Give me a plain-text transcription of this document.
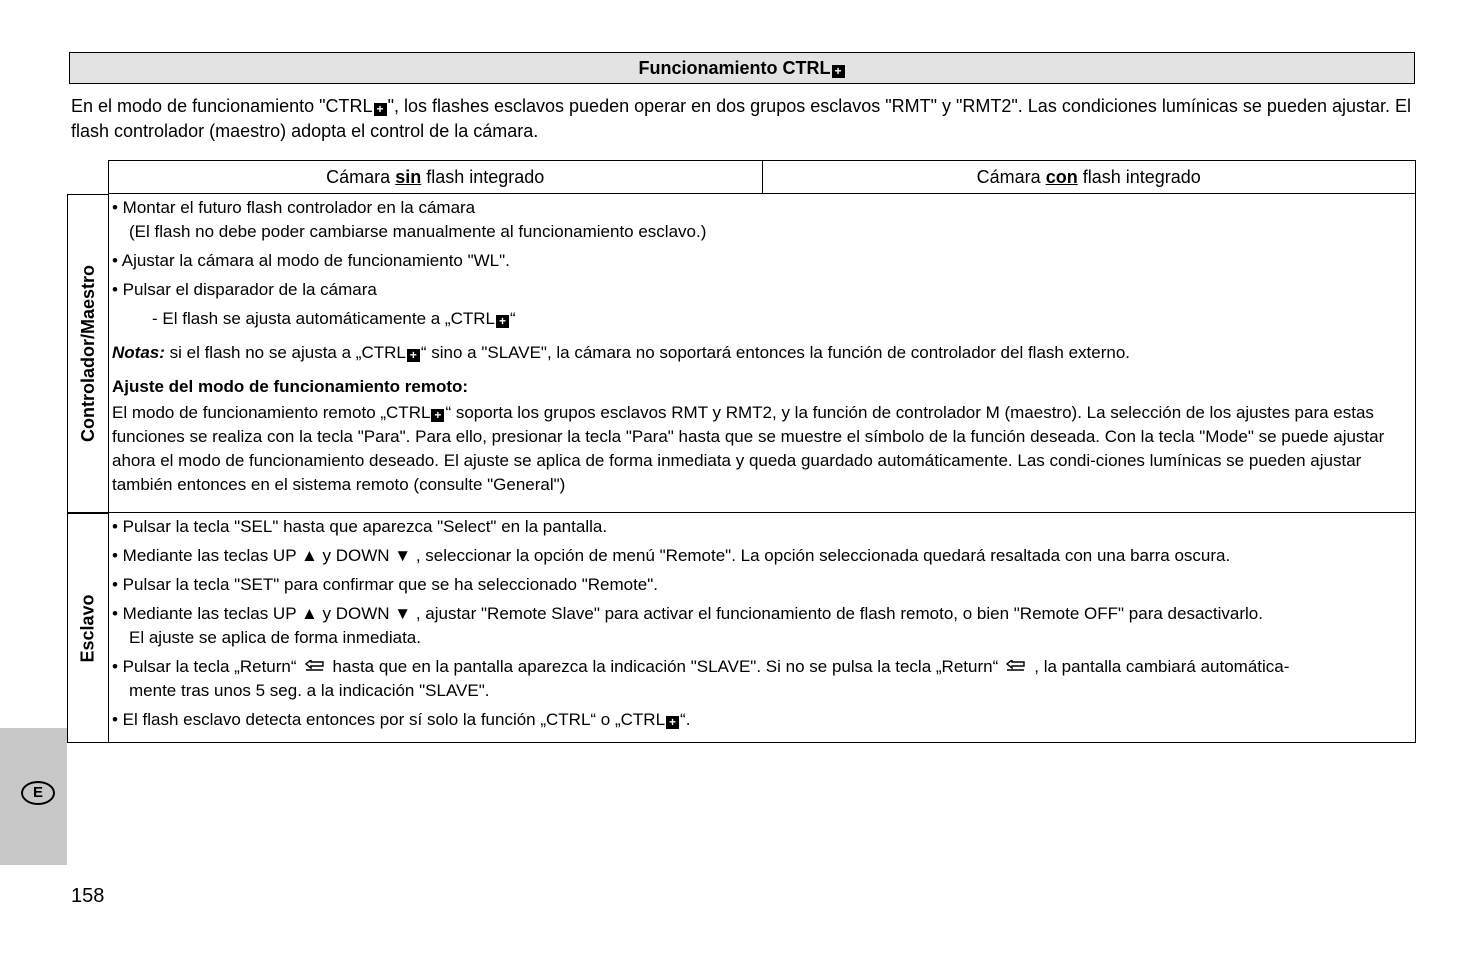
Funcionamiento CTRL +
En el modo de funcionamiento "CTRL + ", los flashes esclavos pueden operar en dos grupos esclavos "RMT" y "RMT2". Las condiciones lumínicas se pueden ajustar. El flash controlador (maestro) adopta el control de la cámara.
Cámara sin flash integrado	Cámara con flash integrado
Controlador/Maestro
• Montar el futuro flash controlador en la cámara
(El flash no debe poder cambiarse manualmente al funcionamiento esclavo.)
• Ajustar la cámara al modo de funcionamiento "WL".
• Pulsar el disparador de la cámara
- El flash se ajusta automáticamente a „CTRL + “
Notas: si el flash no se ajusta a „CTRL + “ sino a "SLAVE", la cámara no soportará entonces la función de controlador del flash externo.
Ajuste del modo de funcionamiento remoto:
El modo de funcionamiento remoto „CTRL + “ soporta los grupos esclavos RMT y RMT2, y la función de controlador M (maestro). La selección de los ajustes para estas funciones se realiza con la tecla "Para". Para ello, presionar la tecla "Para" hasta que se muestre el símbolo de la función deseada. Con la tecla "Mode" se puede ajustar ahora el modo de funcionamiento deseado. El ajuste se aplica de forma inmediata y queda guardado automáticamente. Las condi-ciones lumínicas se pueden ajustar también entonces en el sistema remoto (consulte "General")
Esclavo
• Pulsar la tecla "SEL" hasta que aparezca "Select" en la pantalla.
• Mediante las teclas UP ▲ y DOWN ▼ , seleccionar la opción de menú "Remote". La opción seleccionada quedará resaltada con una barra oscura.
• Pulsar la tecla "SET" para confirmar que se ha seleccionado "Remote".
• Mediante las teclas UP ▲ y DOWN ▼ , ajustar "Remote Slave" para activar el funcionamiento de flash remoto, o bien "Remote OFF" para desactivarlo.
El ajuste se aplica de forma inmediata.
• Pulsar la tecla „Return“ hasta que en la pantalla aparezca la indicación "SLAVE". Si no se pulsa la tecla „Return“ , la pantalla cambiará automática-
mente tras unos 5 seg. a la indicación "SLAVE".
• El flash esclavo detecta entonces por sí solo la función „CTRL“ o „CTRL + “.
E
158
